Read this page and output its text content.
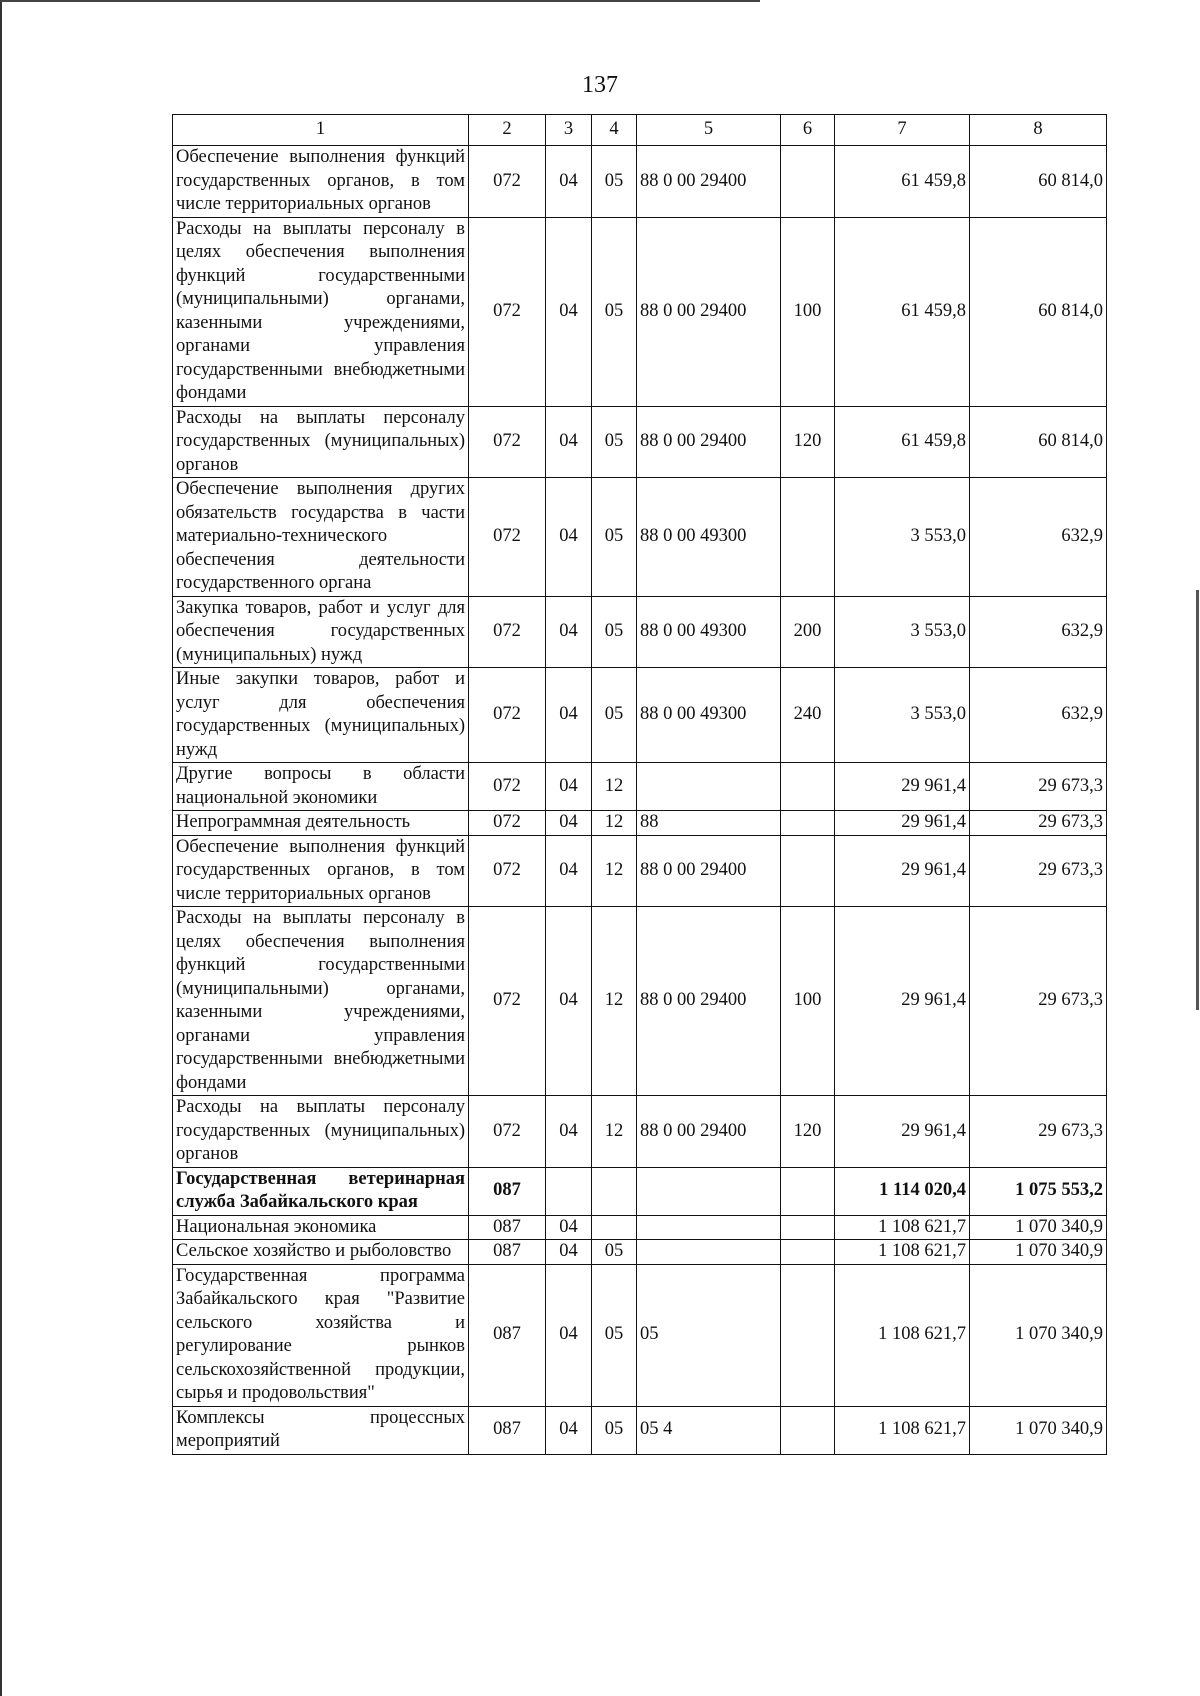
137
1	2	3	4	5	6	7	8
Обеспечение выполнения функций государственных органов, в том числе территориальных органов	072	04	05	88 0 00 29400		61 459,8	60 814,0
Расходы на выплаты персоналу в целях обеспечения выполнения функций государственными (муниципальными) органами, казенными учреждениями, органами управления государственными внебюджетными фондами	072	04	05	88 0 00 29400	100	61 459,8	60 814,0
Расходы на выплаты персоналу государственных (муниципальных) органов	072	04	05	88 0 00 29400	120	61 459,8	60 814,0
Обеспечение выполнения других обязательств государства в части материально-технического обеспечения деятельности государственного органа	072	04	05	88 0 00 49300		3 553,0	632,9
Закупка товаров, работ и услуг для обеспечения государственных (муниципальных) нужд	072	04	05	88 0 00 49300	200	3 553,0	632,9
Иные закупки товаров, работ и услуг для обеспечения государственных (муниципальных) нужд	072	04	05	88 0 00 49300	240	3 553,0	632,9
Другие вопросы в области национальной экономики	072	04	12			29 961,4	29 673,3
Непрограммная деятельность	072	04	12	88		29 961,4	29 673,3
Обеспечение выполнения функций государственных органов, в том числе территориальных органов	072	04	12	88 0 00 29400		29 961,4	29 673,3
Расходы на выплаты персоналу в целях обеспечения выполнения функций государственными (муниципальными) органами, казенными учреждениями, органами управления государственными внебюджетными фондами	072	04	12	88 0 00 29400	100	29 961,4	29 673,3
Расходы на выплаты персоналу государственных (муниципальных) органов	072	04	12	88 0 00 29400	120	29 961,4	29 673,3
Государственная ветеринарная служба Забайкальского края	087					1 114 020,4	1 075 553,2
Национальная экономика	087	04				1 108 621,7	1 070 340,9
Сельское хозяйство и рыболовство	087	04	05			1 108 621,7	1 070 340,9
Государственная программа Забайкальского края "Развитие сельского хозяйства и регулирование рынков сельскохозяйственной продукции, сырья и продовольствия"	087	04	05	05		1 108 621,7	1 070 340,9
Комплексы процессных мероприятий	087	04	05	05 4		1 108 621,7	1 070 340,9
